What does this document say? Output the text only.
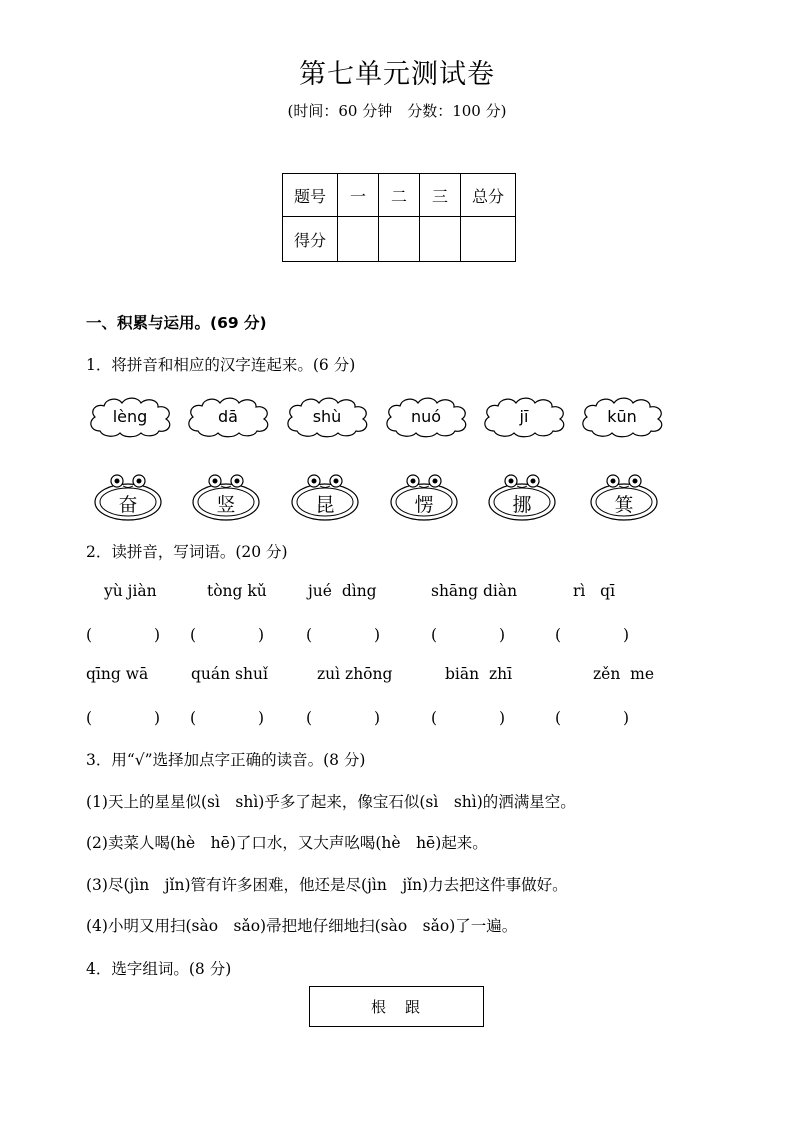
第七单元测试卷
(时间：60 分钟　分数：100 分)
题号	一	二	三	总分
得分				
一、积累与运用。(69 分)
1．将拼音和相应的汉字连起来。(6 分)
lèng	dā	shù	nuó	jī	kūn
奋	竖	昆	愣	挪	箕
2．读拼音，写词语。(20 分)
yù jiàn	tòng kǔ	jué  dìng	shāng diàn	rì   qī
(　　　　) (　　　　)	(　　　　)	(　　　　)	(　　　　)
qīng wā	quán shuǐ	zuì zhōng	biān  zhī	zěn  me
(　　　　) (　　　　)	(　　　　)	(　　　　)	(　　　　)
3．用“√”选择加点字正确的读音。(8 分)
(1)天上的星星似(sì　shì)乎多了起来，像宝石似(sì　shì)的洒满星空。
(2)卖菜人喝(hè　hē)了口水，又大声吆喝(hè　hē)起来。
(3)尽(jìn　jǐn)管有许多困难，他还是尽(jìn　jǐn)力去把这件事做好。
(4)小明又用扫(sào　sǎo)帚把地仔细地扫(sào　sǎo)了一遍。
4．选字组词。(8 分)
根　跟
